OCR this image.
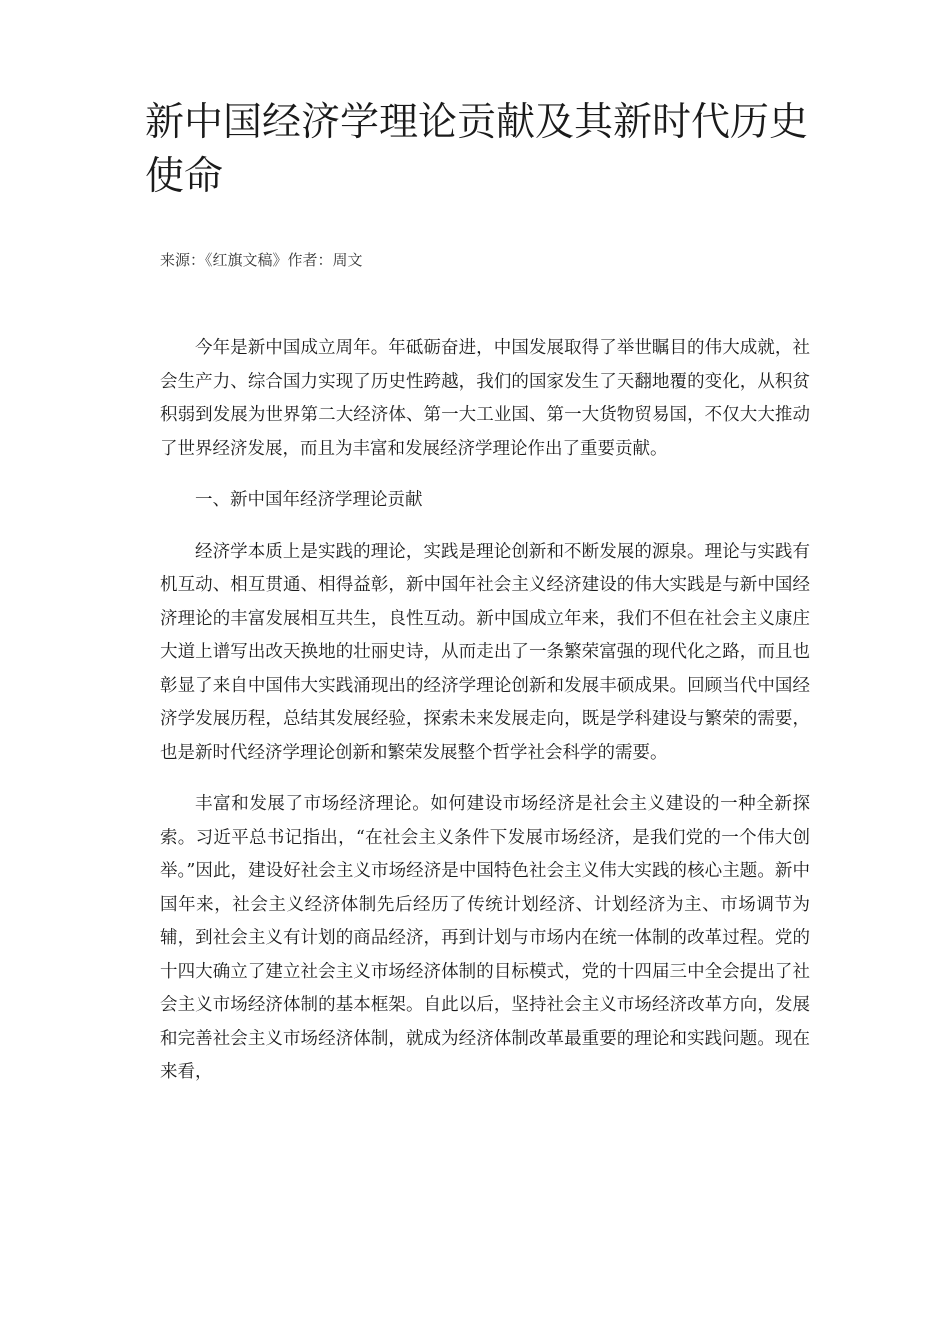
新中国经济学理论贡献及其新时代历史使命

来源：《红旗文稿》作者：周文

今年是新中国成立周年。年砥砺奋进，中国发展取得了举世瞩目的伟大成就，社会生产力、综合国力实现了历史性跨越，我们的国家发生了天翻地覆的变化，从积贫积弱到发展为世界第二大经济体、第一大工业国、第一大货物贸易国，不仅大大推动了世界经济发展，而且为丰富和发展经济学理论作出了重要贡献。

一、新中国年经济学理论贡献

经济学本质上是实践的理论，实践是理论创新和不断发展的源泉。理论与实践有机互动、相互贯通、相得益彰，新中国年社会主义经济建设的伟大实践是与新中国经济理论的丰富发展相互共生，良性互动。新中国成立年来，我们不但在社会主义康庄大道上谱写出改天换地的壮丽史诗，从而走出了一条繁荣富强的现代化之路，而且也彰显了来自中国伟大实践涌现出的经济学理论创新和发展丰硕成果。回顾当代中国经济学发展历程，总结其发展经验，探索未来发展走向，既是学科建设与繁荣的需要，也是新时代经济学理论创新和繁荣发展整个哲学社会科学的需要。

丰富和发展了市场经济理论。如何建设市场经济是社会主义建设的一种全新探索。习近平总书记指出，“在社会主义条件下发展市场经济，是我们党的一个伟大创举。”因此，建设好社会主义市场经济是中国特色社会主义伟大实践的核心主题。新中国年来，社会主义经济体制先后经历了传统计划经济、计划经济为主、市场调节为辅，到社会主义有计划的商品经济，再到计划与市场内在统一体制的改革过程。党的十四大确立了建立社会主义市场经济体制的目标模式，党的十四届三中全会提出了社会主义市场经济体制的基本框架。自此以后，坚持社会主义市场经济改革方向，发展和完善社会主义市场经济体制，就成为经济体制改革最重要的理论和实践问题。现在来看，
